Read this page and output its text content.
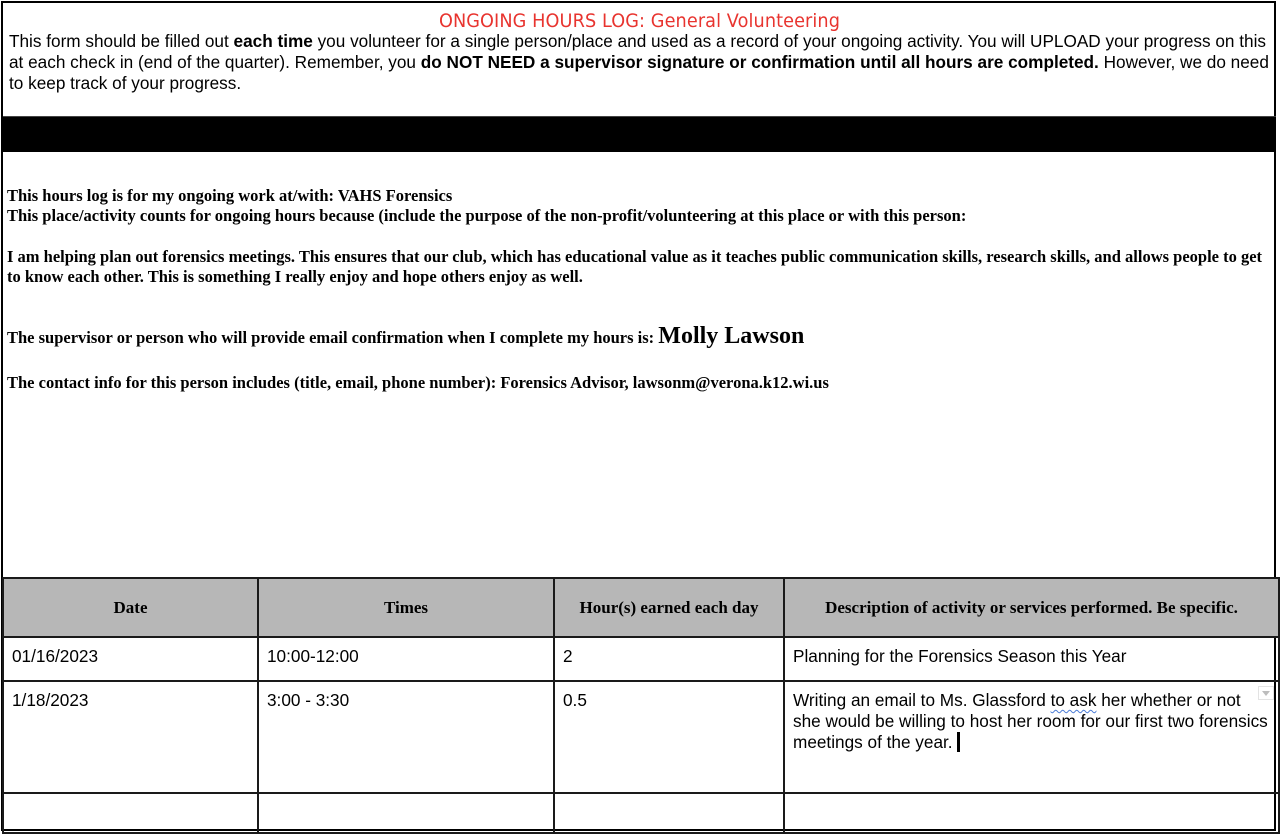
ONGOING HOURS LOG: General Volunteering
This form should be filled out each time you volunteer for a single person/place and used as a record of your ongoing activity. You will UPLOAD your progress on this at each check in (end of the quarter). Remember, you do NOT NEED a supervisor signature or confirmation until all hours are completed. However, we do need to keep track of your progress.

This hours log is for my ongoing work at/with: VAHS Forensics

This place/activity counts for ongoing hours because (include the purpose of the non-profit/volunteering at this place or with this person:

I am helping plan out forensics meetings. This ensures that our club, which has educational value as it teaches public communication skills, research skills, and allows people to get to know each other. This is something I really enjoy and hope others enjoy as well.

The supervisor or person who will provide email confirmation when I complete my hours is: Molly Lawson

The contact info for this person includes (title, email, phone number): Forensics Advisor, lawsonm@verona.k12.wi.us

Date	Times	Hour(s) earned each day	Description of activity or services performed. Be specific.
01/16/2023	10:00-12:00	2	Planning for the Forensics Season this Year
1/18/2023	3:00 - 3:30	0.5	Writing an email to Ms. Glassford to ask her whether or not she would be willing to host her room for our first two forensics meetings of the year.
